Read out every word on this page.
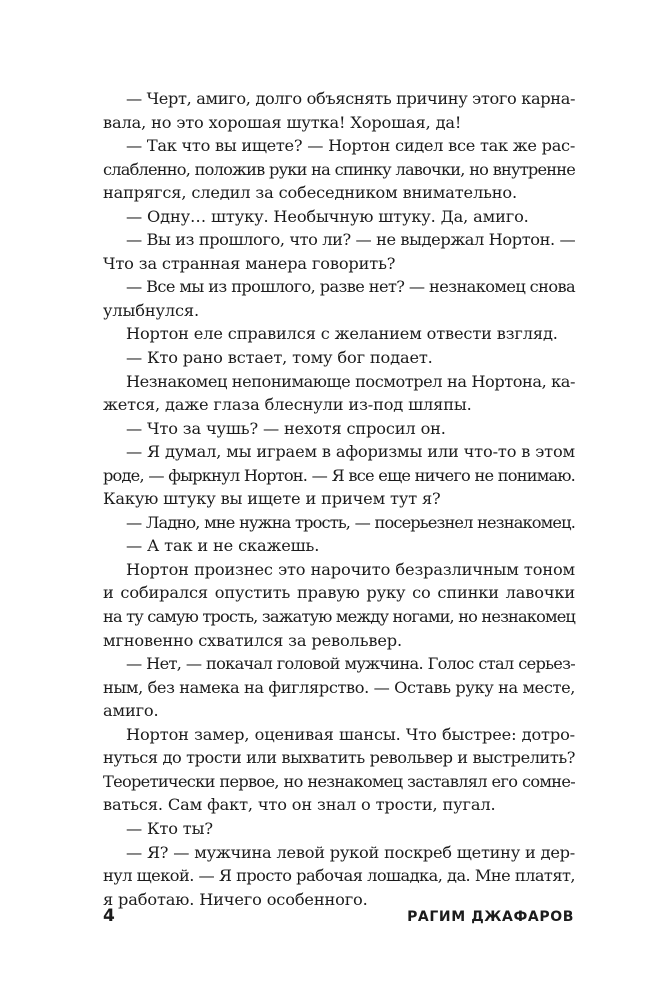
— Черт, амиго, долго объяснять причину этого карна-
вала, но это хорошая шутка! Хорошая, да!
— Так что вы ищете? — Нортон сидел все так же рас-
слабленно, положив руки на спинку лавочки, но внутренне
напрягся, следил за собеседником внимательно.
— Одну… штуку. Необычную штуку. Да, амиго.
— Вы из прошлого, что ли? — не выдержал Нортон. —
Что за странная манера говорить?
— Все мы из прошлого, разве нет? — незнакомец снова
улыбнулся.
Нортон еле справился с желанием отвести взгляд.
— Кто рано встает, тому бог подает.
Незнакомец непонимающе посмотрел на Нортона, ка-
жется, даже глаза блеснули из-под шляпы.
— Что за чушь? — нехотя спросил он.
— Я думал, мы играем в афоризмы или что-то в этом
роде, — фыркнул Нортон. — Я все еще ничего не понимаю.
Какую штуку вы ищете и причем тут я?
— Ладно, мне нужна трость, — посерьезнел незнакомец.
— А так и не скажешь.
Нортон произнес это нарочито безразличным тоном
и собирался опустить правую руку со спинки лавочки
на ту самую трость, зажатую между ногами, но незнакомец
мгновенно схватился за револьвер.
— Нет, — покачал головой мужчина. Голос стал серьез-
ным, без намека на фиглярство. — Оставь руку на месте,
амиго.
Нортон замер, оценивая шансы. Что быстрее: дотро-
нуться до трости или выхватить револьвер и выстрелить?
Теоретически первое, но незнакомец заставлял его сомне-
ваться. Сам факт, что он знал о трости, пугал.
— Кто ты?
— Я? — мужчина левой рукой поскреб щетину и дер-
нул щекой. — Я просто рабочая лошадка, да. Мне платят,
я работаю. Ничего особенного.
4	РАГИМ ДЖАФАРОВ
